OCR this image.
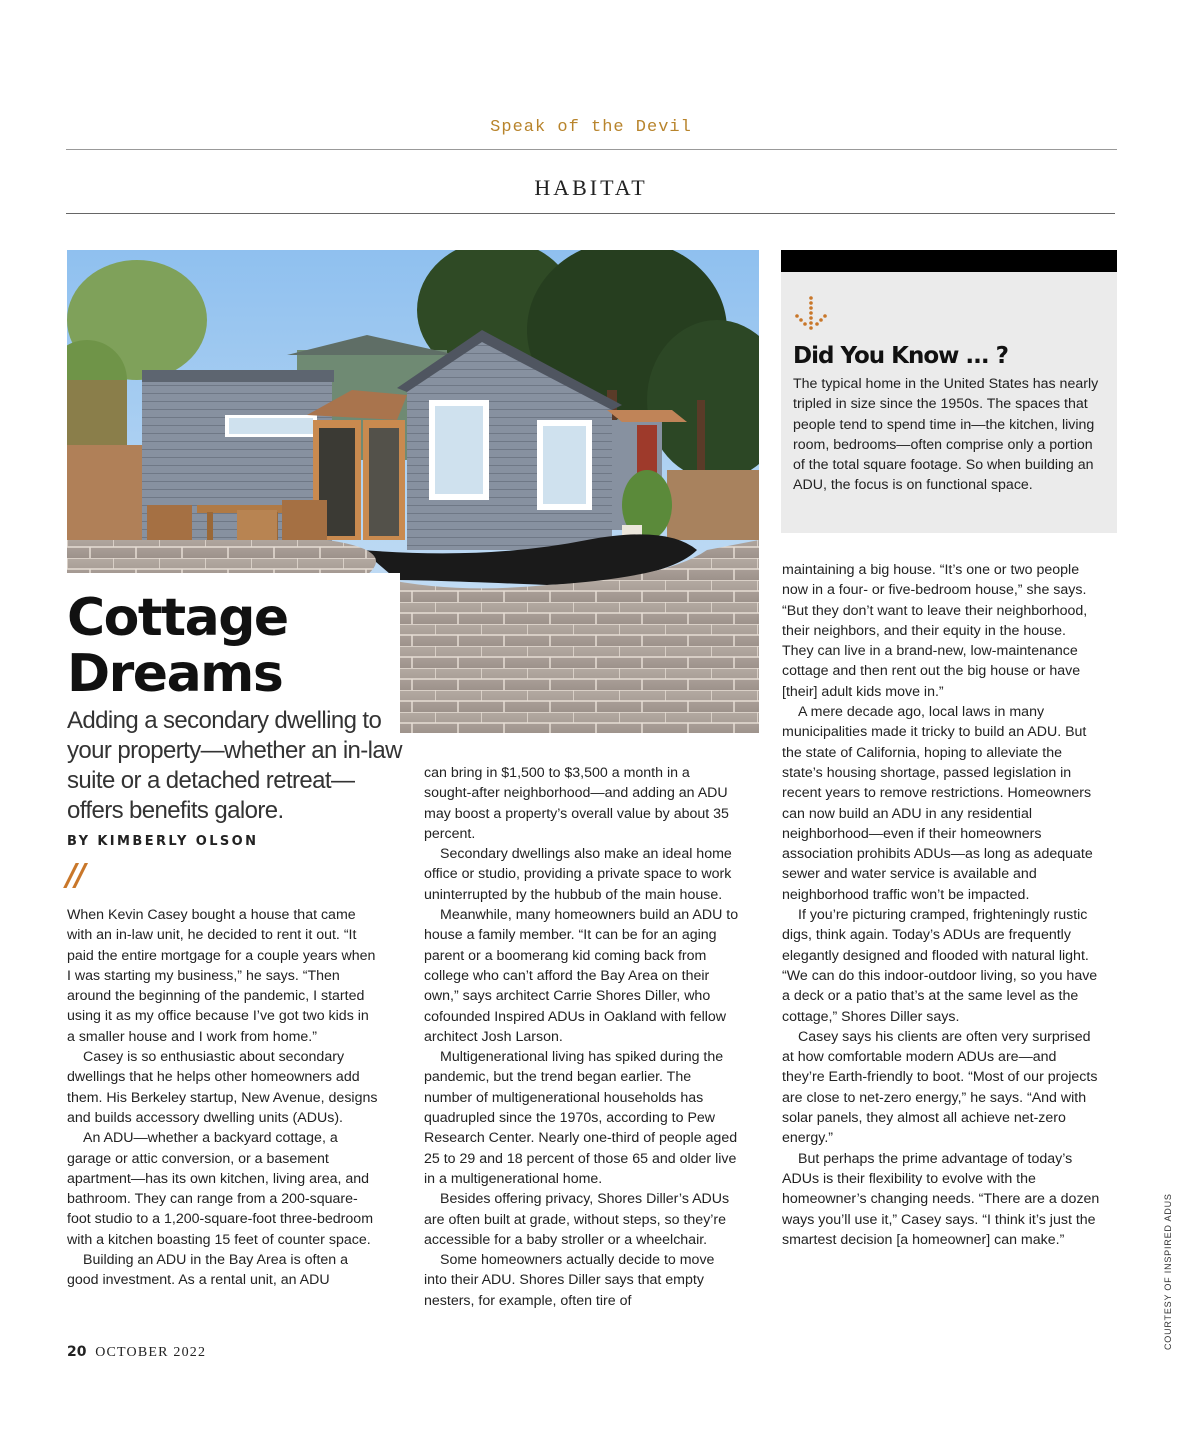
Speak of the Devil
HABITAT
Cottage
Dreams
Adding a secondary dwelling to your property—whether an in-law suite or a detached retreat—offers benefits galore.
BY KIMBERLY OLSON
//

When Kevin Casey bought a house that came with an in-law unit, he decided to rent it out. “It paid the entire mortgage for a couple years when I was starting my business,” he says. “Then around the beginning of the pandemic, I started using it as my office because I’ve got two kids in a smaller house and I work from home.”

Casey is so enthusiastic about secondary dwellings that he helps other homeowners add them. His Berkeley startup, New Avenue, designs and builds accessory dwelling units (ADUs).

An ADU—whether a backyard cottage, a garage or attic conversion, or a basement apartment—has its own kitchen, living area, and bathroom. They can range from a 200-square-foot studio to a 1,200-square-foot three-bedroom with a kitchen boasting 15 feet of counter space.

Building an ADU in the Bay Area is often a good investment. As a rental unit, an ADU

can bring in $1,500 to $3,500 a month in a sought-after neighborhood—and adding an ADU may boost a property’s overall value by about 35 percent.

Secondary dwellings also make an ideal home office or studio, providing a private space to work uninterrupted by the hubbub of the main house.

Meanwhile, many homeowners build an ADU to house a family member. “It can be for an aging parent or a boomerang kid coming back from college who can’t afford the Bay Area on their own,” says architect Carrie Shores Diller, who cofounded Inspired ADUs in Oakland with fellow architect Josh Larson.

Multigenerational living has spiked during the pandemic, but the trend began earlier. The number of multigenerational households has quadrupled since the 1970s, according to Pew Research Center. Nearly one-third of people aged 25 to 29 and 18 percent of those 65 and older live in a multigenerational home.

Besides offering privacy, Shores Diller’s ADUs are often built at grade, without steps, so they’re accessible for a baby stroller or a wheelchair.

Some homeowners actually decide to move into their ADU. Shores Diller says that empty nesters, for example, often tire of

maintaining a big house. “It’s one or two people now in a four- or five-bedroom house,” she says. “But they don’t want to leave their neighborhood, their neighbors, and their equity in the house. They can live in a brand-new, low-maintenance cottage and then rent out the big house or have [their] adult kids move in.”

A mere decade ago, local laws in many municipalities made it tricky to build an ADU. But the state of California, hoping to alleviate the state’s housing shortage, passed legislation in recent years to remove restrictions. Homeowners can now build an ADU in any residential neighborhood—even if their homeowners association prohibits ADUs—as long as adequate sewer and water service is available and neighborhood traffic won’t be impacted.

If you’re picturing cramped, frighteningly rustic digs, think again. Today’s ADUs are frequently elegantly designed and flooded with natural light. “We can do this indoor-outdoor living, so you have a deck or a patio that’s at the same level as the cottage,” Shores Diller says.

Casey says his clients are often very surprised at how comfortable modern ADUs are—and they’re Earth-friendly to boot. “Most of our projects are close to net-zero energy,” he says. “And with solar panels, they almost all achieve net-zero energy.”

But perhaps the prime advantage of today’s ADUs is their flexibility to evolve with the homeowner’s changing needs. “There are a dozen ways you’ll use it,” Casey says. “I think it’s just the smartest decision [a homeowner] can make.”

Did You Know ... ?
The typical home in the United States has nearly tripled in size since the 1950s. The spaces that people tend to spend time in—the kitchen, living room, bedrooms—often comprise only a portion of the total square footage. So when building an ADU, the focus is on functional space.
20 OCTOBER 2022
COURTESY OF INSPIRED ADUS
